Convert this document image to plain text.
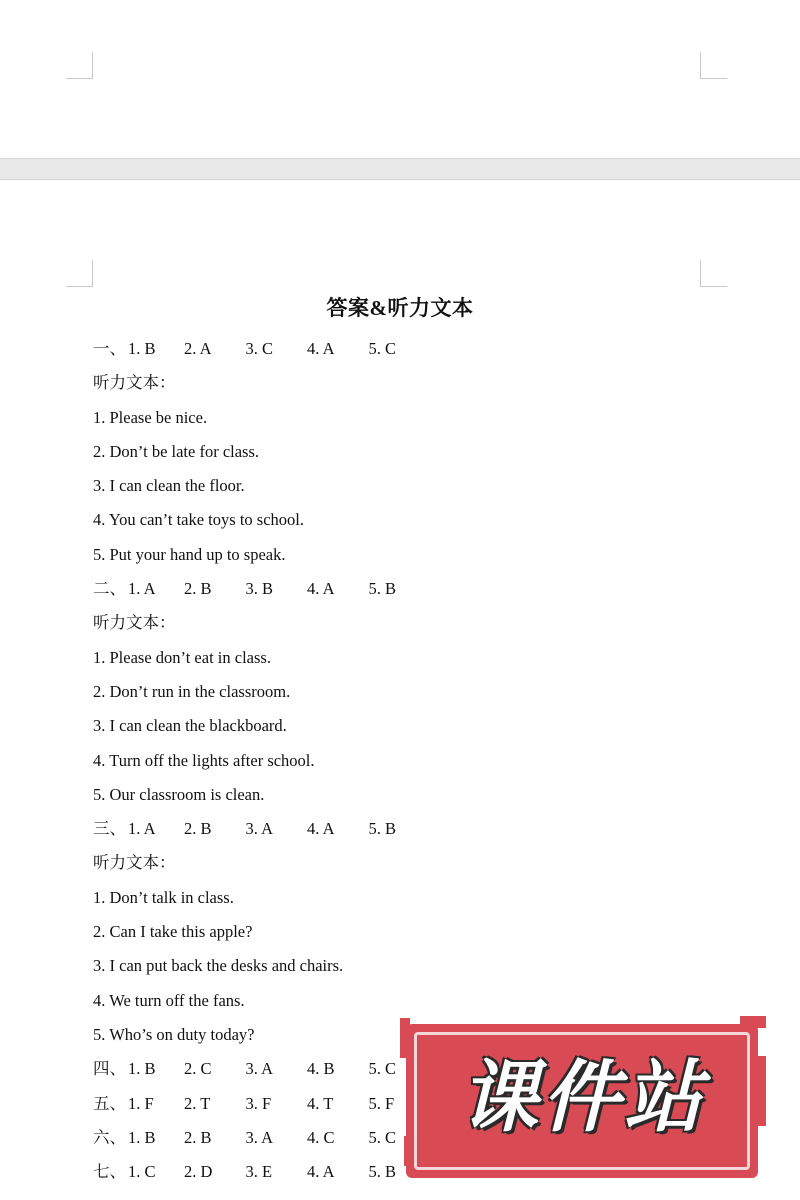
答案&听力文本
一、 1. B 2. A 3. C 4. A 5. C
听力文本：
1. Please be nice.
2. Don’t be late for class.
3. I can clean the floor.
4. You can’t take toys to school.
5. Put your hand up to speak.
二、 1. A 2. B 3. B 4. A 5. B
听力文本：
1. Please don’t eat in class.
2. Don’t run in the classroom.
3. I can clean the blackboard.
4. Turn off the lights after school.
5. Our classroom is clean.
三、 1. A 2. B 3. A 4. A 5. B
听力文本：
1. Don’t talk in class.
2. Can I take this apple?
3. I can put back the desks and chairs.
4. We turn off the fans.
5. Who’s on duty today?
四、 1. B 2. C 3. A 4. B 5. C
五、 1. F 2. T 3. F 4. T 5. F
六、 1. B 2. B 3. A 4. C 5. C
七、 1. C 2. D 3. E 4. A 5. B
课件站
